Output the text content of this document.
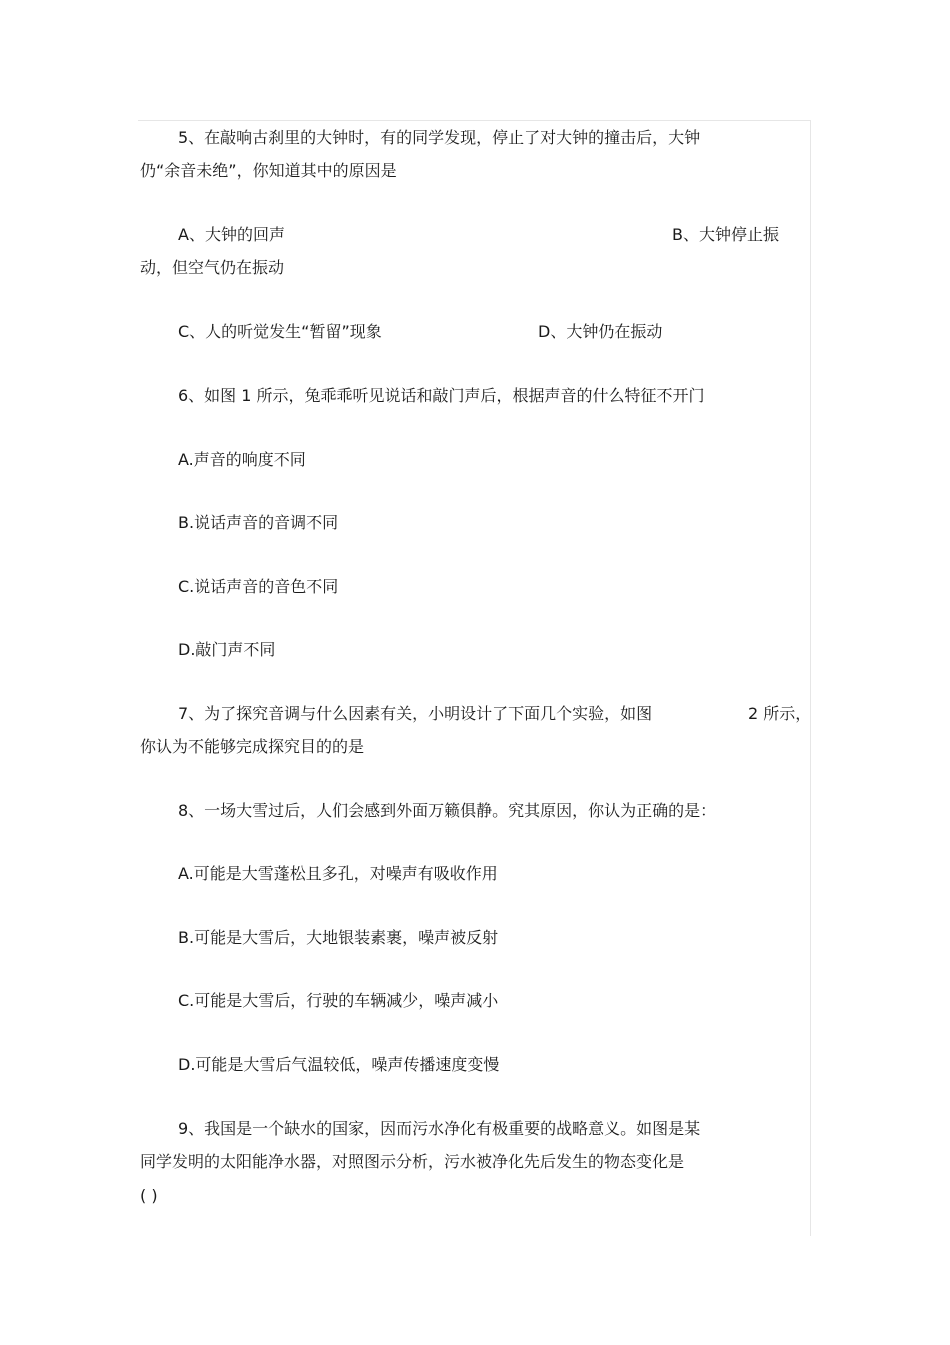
5、在敲响古刹里的大钟时，有的同学发现，停止了对大钟的撞击后，大钟
仍“余音未绝”，你知道其中的原因是
A、大钟的回声	B、大钟停止振
动，但空气仍在振动
C、人的听觉发生“暂留”现象	D、大钟仍在振动
6、如图 1 所示，兔乖乖听见说话和敲门声后，根据声音的什么特征不开门
A.声音的响度不同
B.说话声音的音调不同
C.说话声音的音色不同
D.敲门声不同
7、为了探究音调与什么因素有关，小明设计了下面几个实验，如图	2 所示，
你认为不能够完成探究目的的是
8、一场大雪过后，人们会感到外面万籁俱静。究其原因，你认为正确的是：
A.可能是大雪蓬松且多孔，对噪声有吸收作用
B.可能是大雪后，大地银装素裹，噪声被反射
C.可能是大雪后，行驶的车辆减少，噪声减小
D.可能是大雪后气温较低，噪声传播速度变慢
9、我国是一个缺水的国家，因而污水净化有极重要的战略意义。如图是某
同学发明的太阳能净水器，对照图示分析，污水被净化先后发生的物态变化是
( )
